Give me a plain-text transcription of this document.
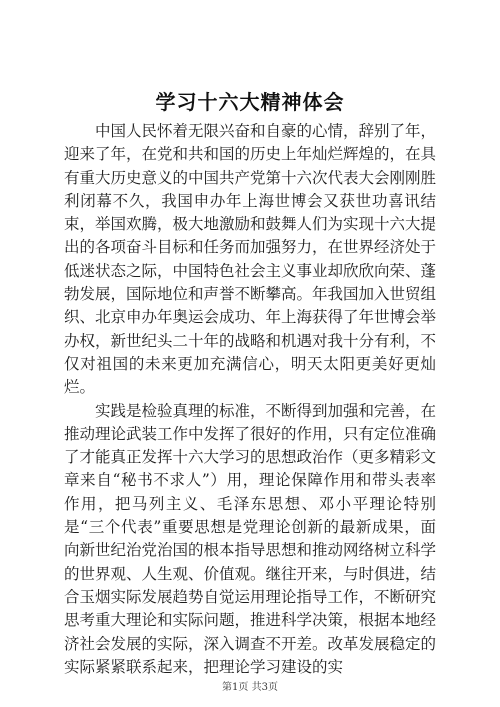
学习十六大精神体会

中国人民怀着无限兴奋和自豪的心情，辞别了年，迎来了年，在党和共和国的历史上年灿烂辉煌的，在具有重大历史意义的中国共产党第十六次代表大会刚刚胜利闭幕不久，我国申办年上海世博会又获世功喜讯结束，举国欢腾，极大地激励和鼓舞人们为实现十六大提出的各项奋斗目标和任务而加强努力，在世界经济处于低迷状态之际，中国特色社会主义事业却欣欣向荣、蓬勃发展，国际地位和声誉不断攀高。年我国加入世贸组织、北京申办年奥运会成功、年上海获得了年世博会举办权，新世纪头二十年的战略和机遇对我十分有利，不仅对祖国的未来更加充满信心，明天太阳更美好更灿烂。

实践是检验真理的标准，不断得到加强和完善，在推动理论武装工作中发挥了很好的作用，只有定位准确了才能真正发挥十六大学习的思想政治作（更多精彩文章来自“秘书不求人”）用，理论保障作用和带头表率作用，把马列主义、毛泽东思想、邓小平理论特别是“三个代表”重要思想是党理论创新的最新成果，面向新世纪治党治国的根本指导思想和推动网络树立科学的世界观、人生观、价值观。继往开来，与时俱进，结合玉烟实际发展趋势自觉运用理论指导工作，不断研究思考重大理论和实际问题，推进科学决策，根据本地经济社会发展的实际，深入调查不开差。改革发展稳定的实际紧紧联系起来，把理论学习建设的实

第1页 共3页
